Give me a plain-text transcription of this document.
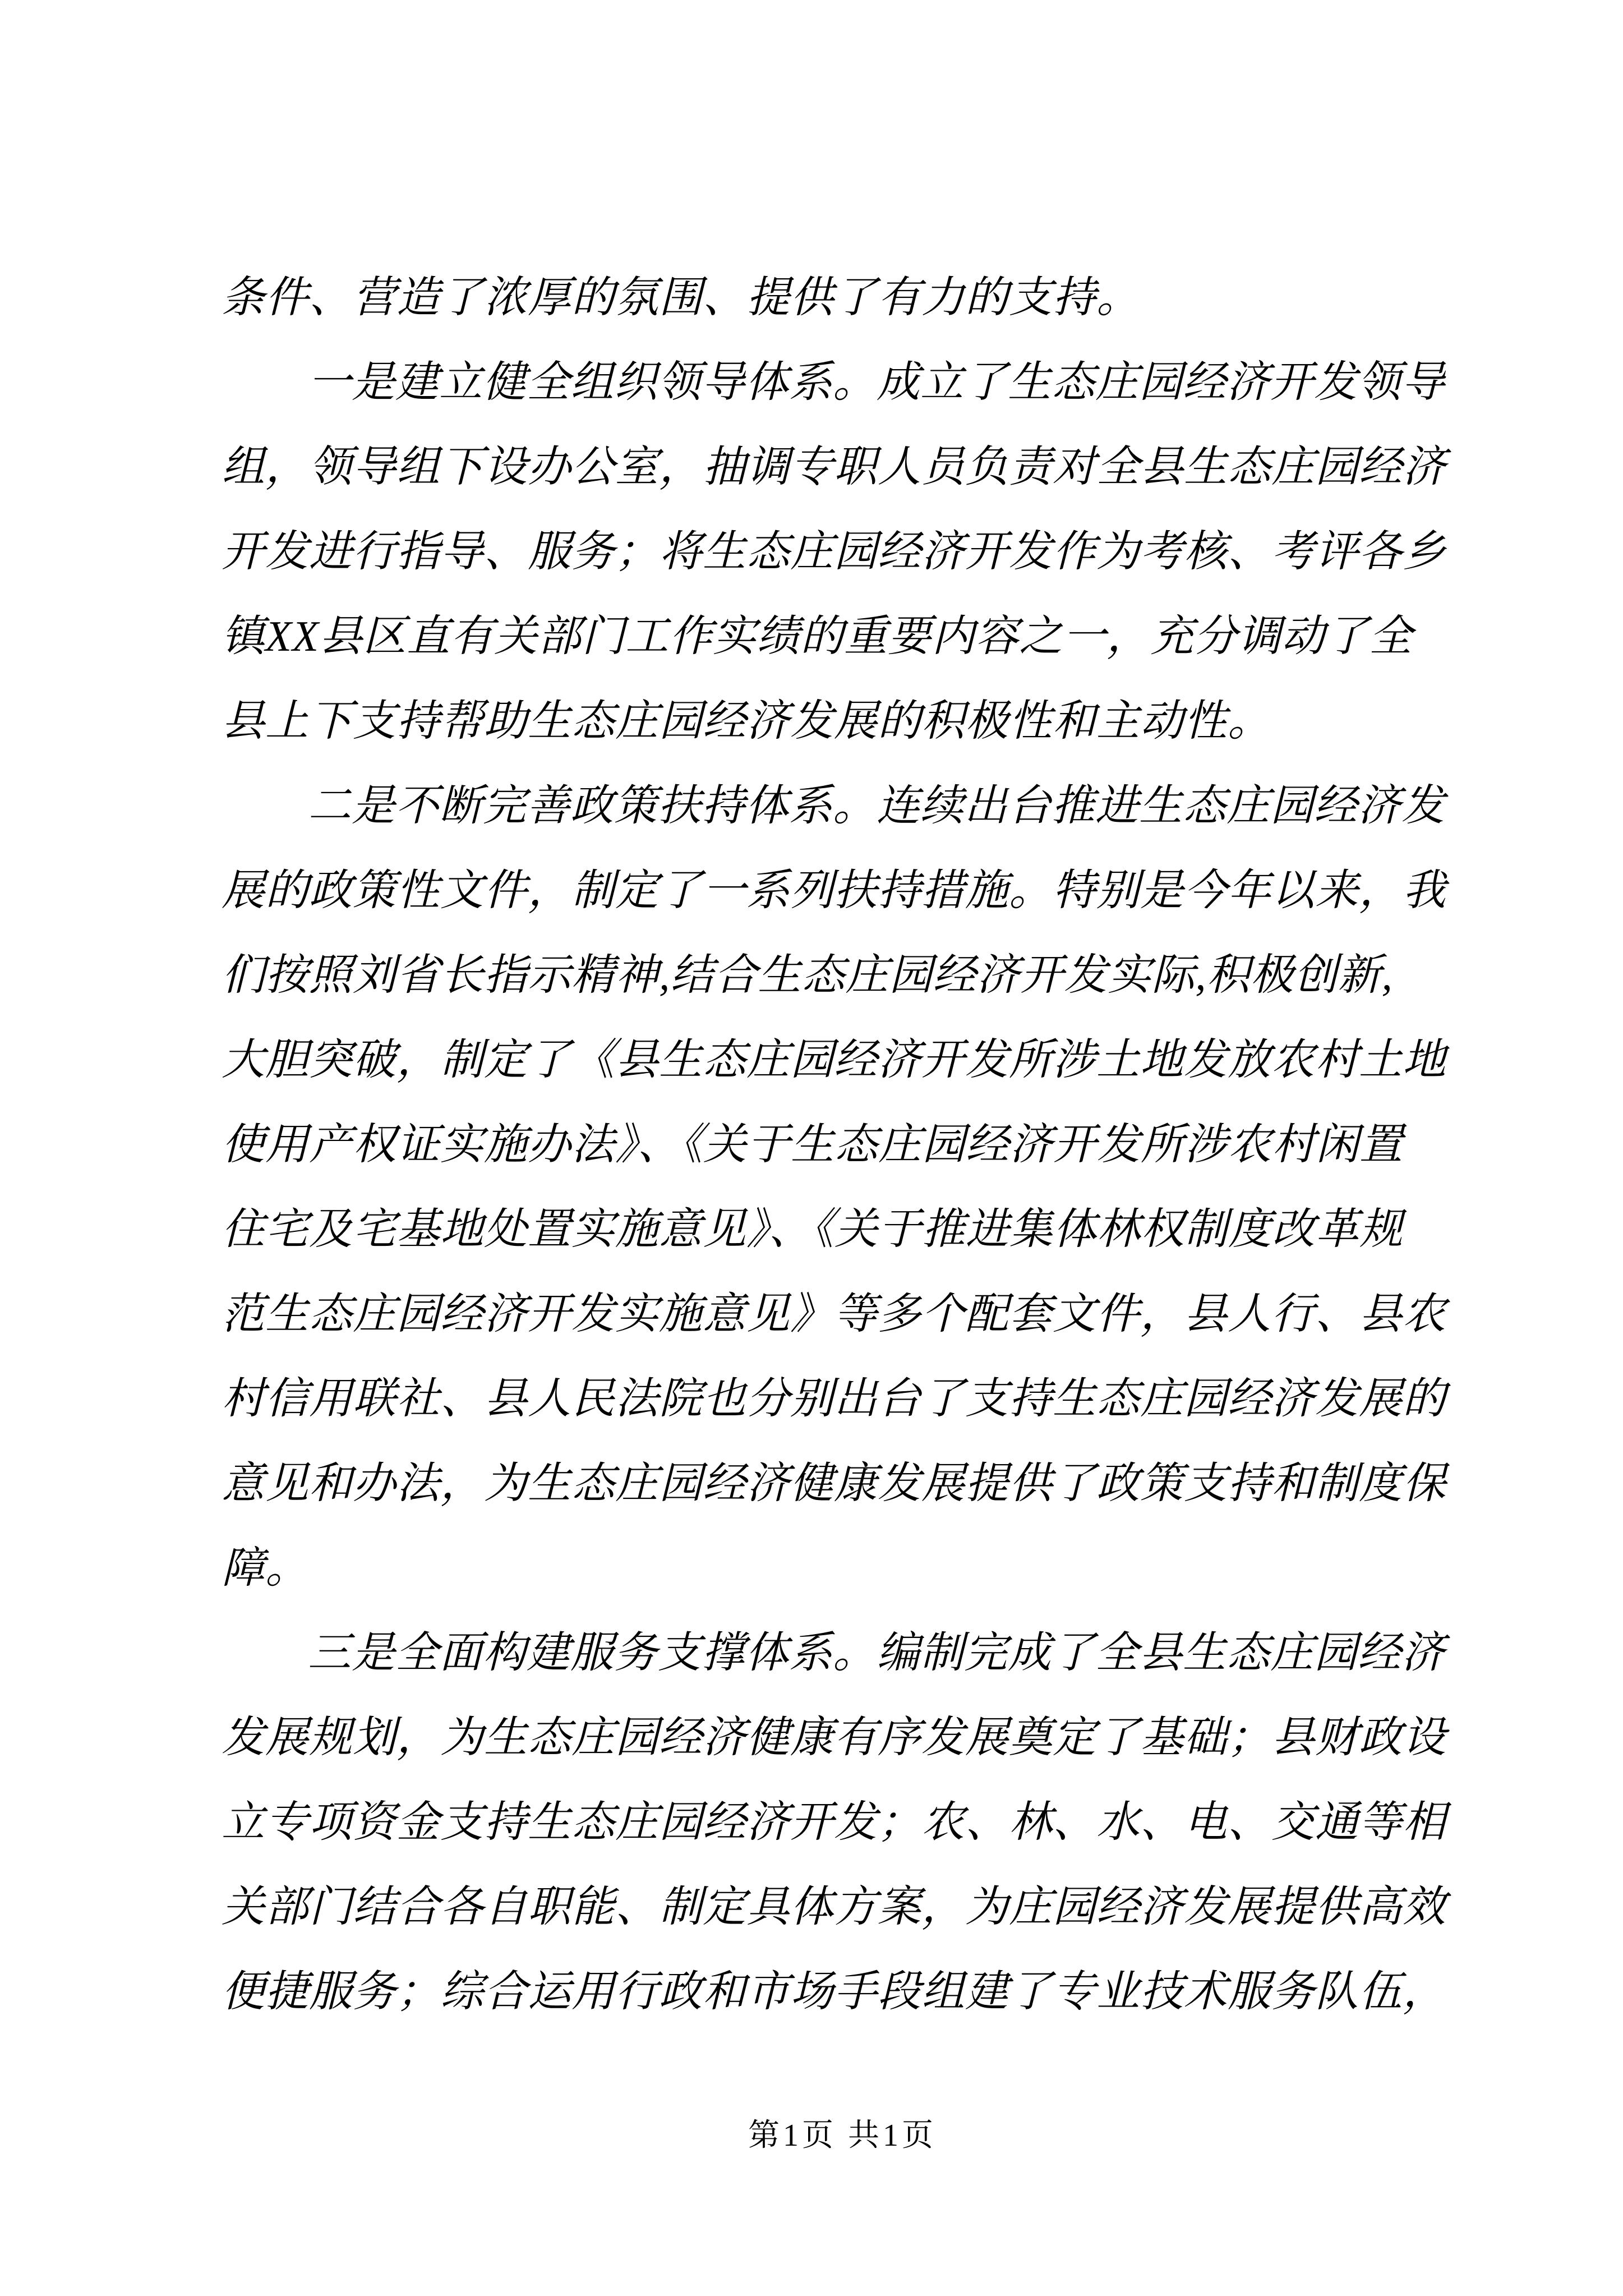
条件、营造了浓厚的氛围、提供了有力的支持。
一是建立健全组织领导体系。成立了生态庄园经济开发领导
组，领导组下设办公室，抽调专职人员负责对全县生态庄园经济
开发进行指导、服务；将生态庄园经济开发作为考核、考评各乡
镇XX县区直有关部门工作实绩的重要内容之一，充分调动了全
县上下支持帮助生态庄园经济发展的积极性和主动性。
二是不断完善政策扶持体系。连续出台推进生态庄园经济发
展的政策性文件，制定了一系列扶持措施。特别是今年以来，我
们按照刘省长指示精神,结合生态庄园经济开发实际,积极创新,
大胆突破，制定了《县生态庄园经济开发所涉土地发放农村土地
使用产权证实施办法》、《关于生态庄园经济开发所涉农村闲置
住宅及宅基地处置实施意见》、《关于推进集体林权制度改革规
范生态庄园经济开发实施意见》等多个配套文件，县人行、县农
村信用联社、县人民法院也分别出台了支持生态庄园经济发展的
意见和办法，为生态庄园经济健康发展提供了政策支持和制度保
障。
三是全面构建服务支撑体系。编制完成了全县生态庄园经济
发展规划，为生态庄园经济健康有序发展奠定了基础；县财政设
立专项资金支持生态庄园经济开发；农、林、水、电、交通等相
关部门结合各自职能、制定具体方案，为庄园经济发展提供高效
便捷服务；综合运用行政和市场手段组建了专业技术服务队伍，
第1页 共1页
